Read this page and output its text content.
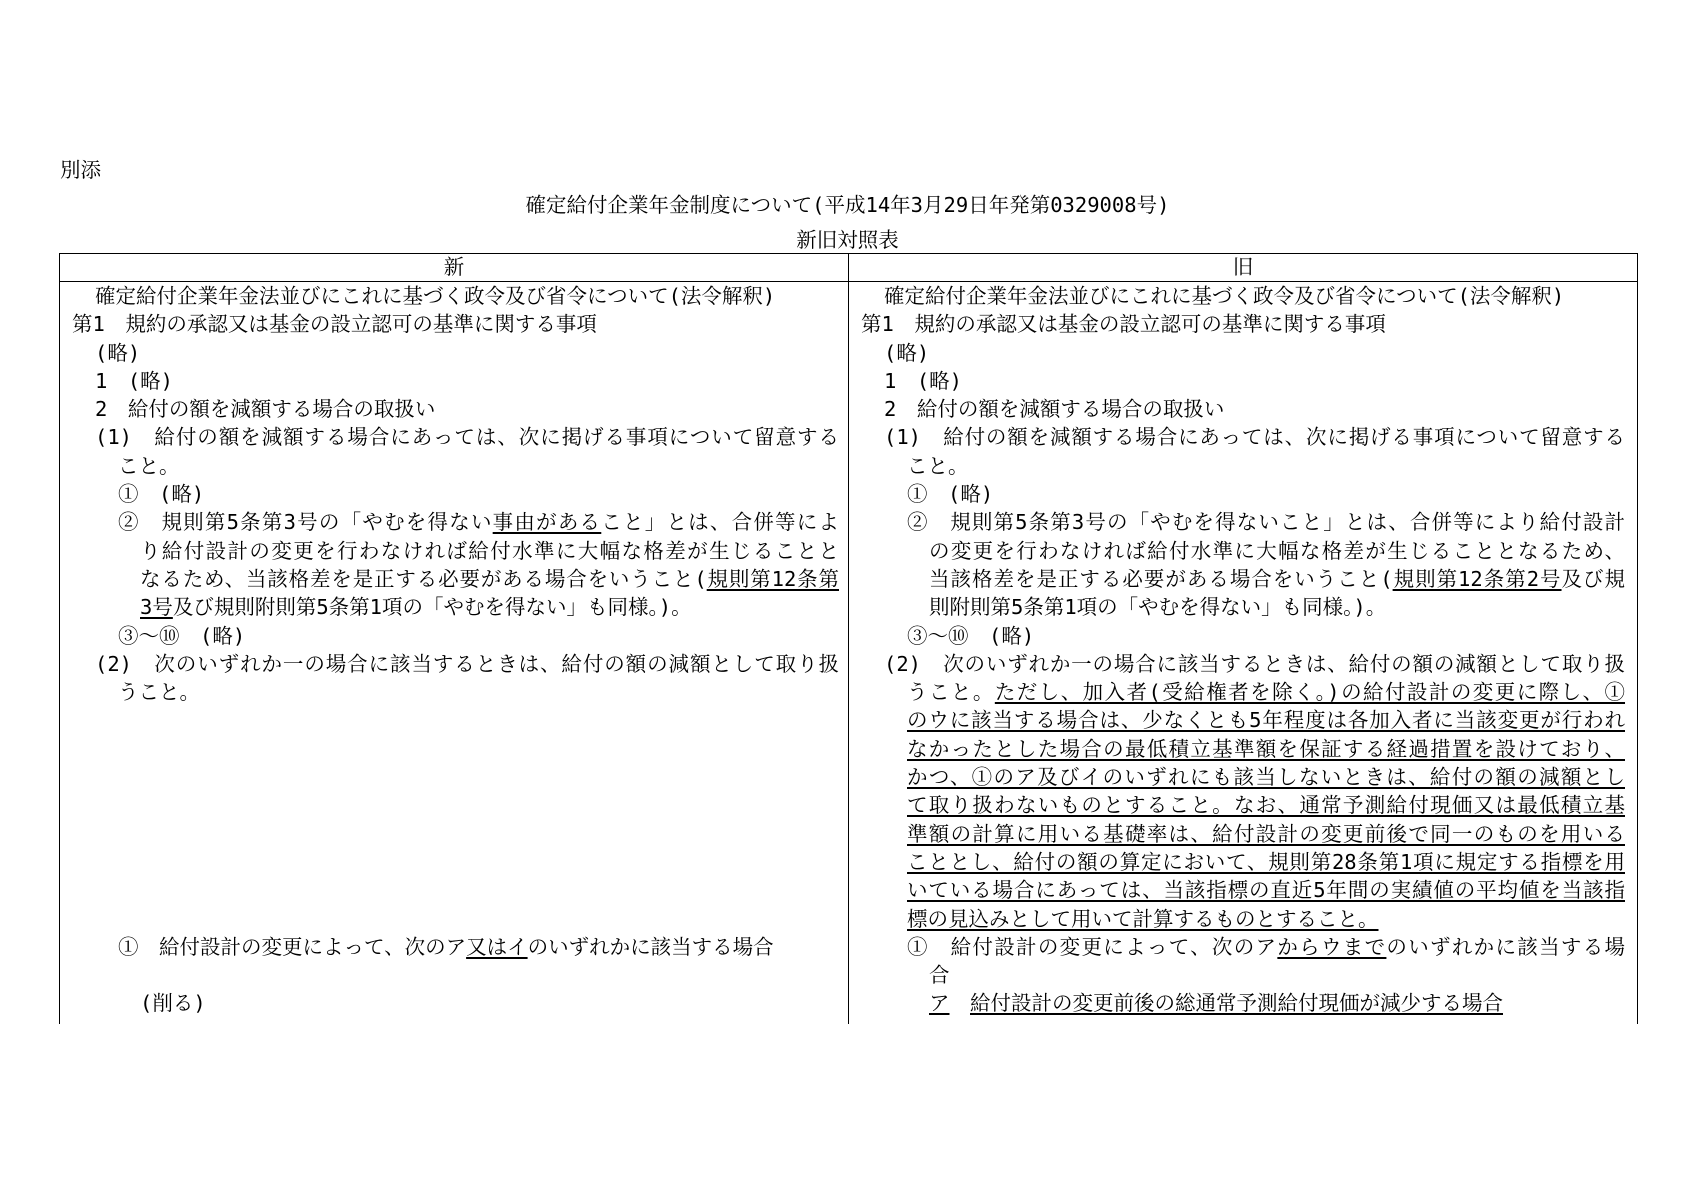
別添
確定給付企業年金制度について(平成14年3月29日年発第0329008号)
新旧対照表
新	旧
確定給付企業年金法並びにこれに基づく政令及び省令について(法令解釈)
第1　規約の承認又は基金の設立認可の基準に関する事項
(略)
1　(略)
2　給付の額を減額する場合の取扱い
(1)　給付の額を減額する場合にあっては、次に掲げる事項について留意する
こと。
①　(略)
②　規則第5条第3号の「やむを得ない事由があること」とは、合併等によ
り給付設計の変更を行わなければ給付水準に大幅な格差が生じることと
なるため、当該格差を是正する必要がある場合をいうこと(規則第12条第
3号及び規則附則第5条第1項の「やむを得ない」も同様。)。
③～⑩　(略)
(2)　次のいずれか一の場合に該当するときは、給付の額の減額として取り扱
うこと。
①　給付設計の変更によって、次のア又はイのいずれかに該当する場合
(削る)
確定給付企業年金法並びにこれに基づく政令及び省令について(法令解釈)
第1　規約の承認又は基金の設立認可の基準に関する事項
(略)
1　(略)
2　給付の額を減額する場合の取扱い
(1)　給付の額を減額する場合にあっては、次に掲げる事項について留意する
こと。
①　(略)
②　規則第5条第3号の「やむを得ないこと」とは、合併等により給付設計
の変更を行わなければ給付水準に大幅な格差が生じることとなるため、
当該格差を是正する必要がある場合をいうこと(規則第12条第2号及び規
則附則第5条第1項の「やむを得ない」も同様。)。
③～⑩　(略)
(2)　次のいずれか一の場合に該当するときは、給付の額の減額として取り扱
うこと。ただし、加入者(受給権者を除く。)の給付設計の変更に際し、①
のウに該当する場合は、少なくとも5年程度は各加入者に当該変更が行われ
なかったとした場合の最低積立基準額を保証する経過措置を設けており、
かつ、①のア及びイのいずれにも該当しないときは、給付の額の減額とし
て取り扱わないものとすること。なお、通常予測給付現価又は最低積立基
準額の計算に用いる基礎率は、給付設計の変更前後で同一のものを用いる
こととし、給付の額の算定において、規則第28条第1項に規定する指標を用
いている場合にあっては、当該指標の直近5年間の実績値の平均値を当該指
標の見込みとして用いて計算するものとすること。
①　給付設計の変更によって、次のアからウまでのいずれかに該当する場
合
ア　 給付設計の変更前後の総通常予測給付現価が減少する場合
